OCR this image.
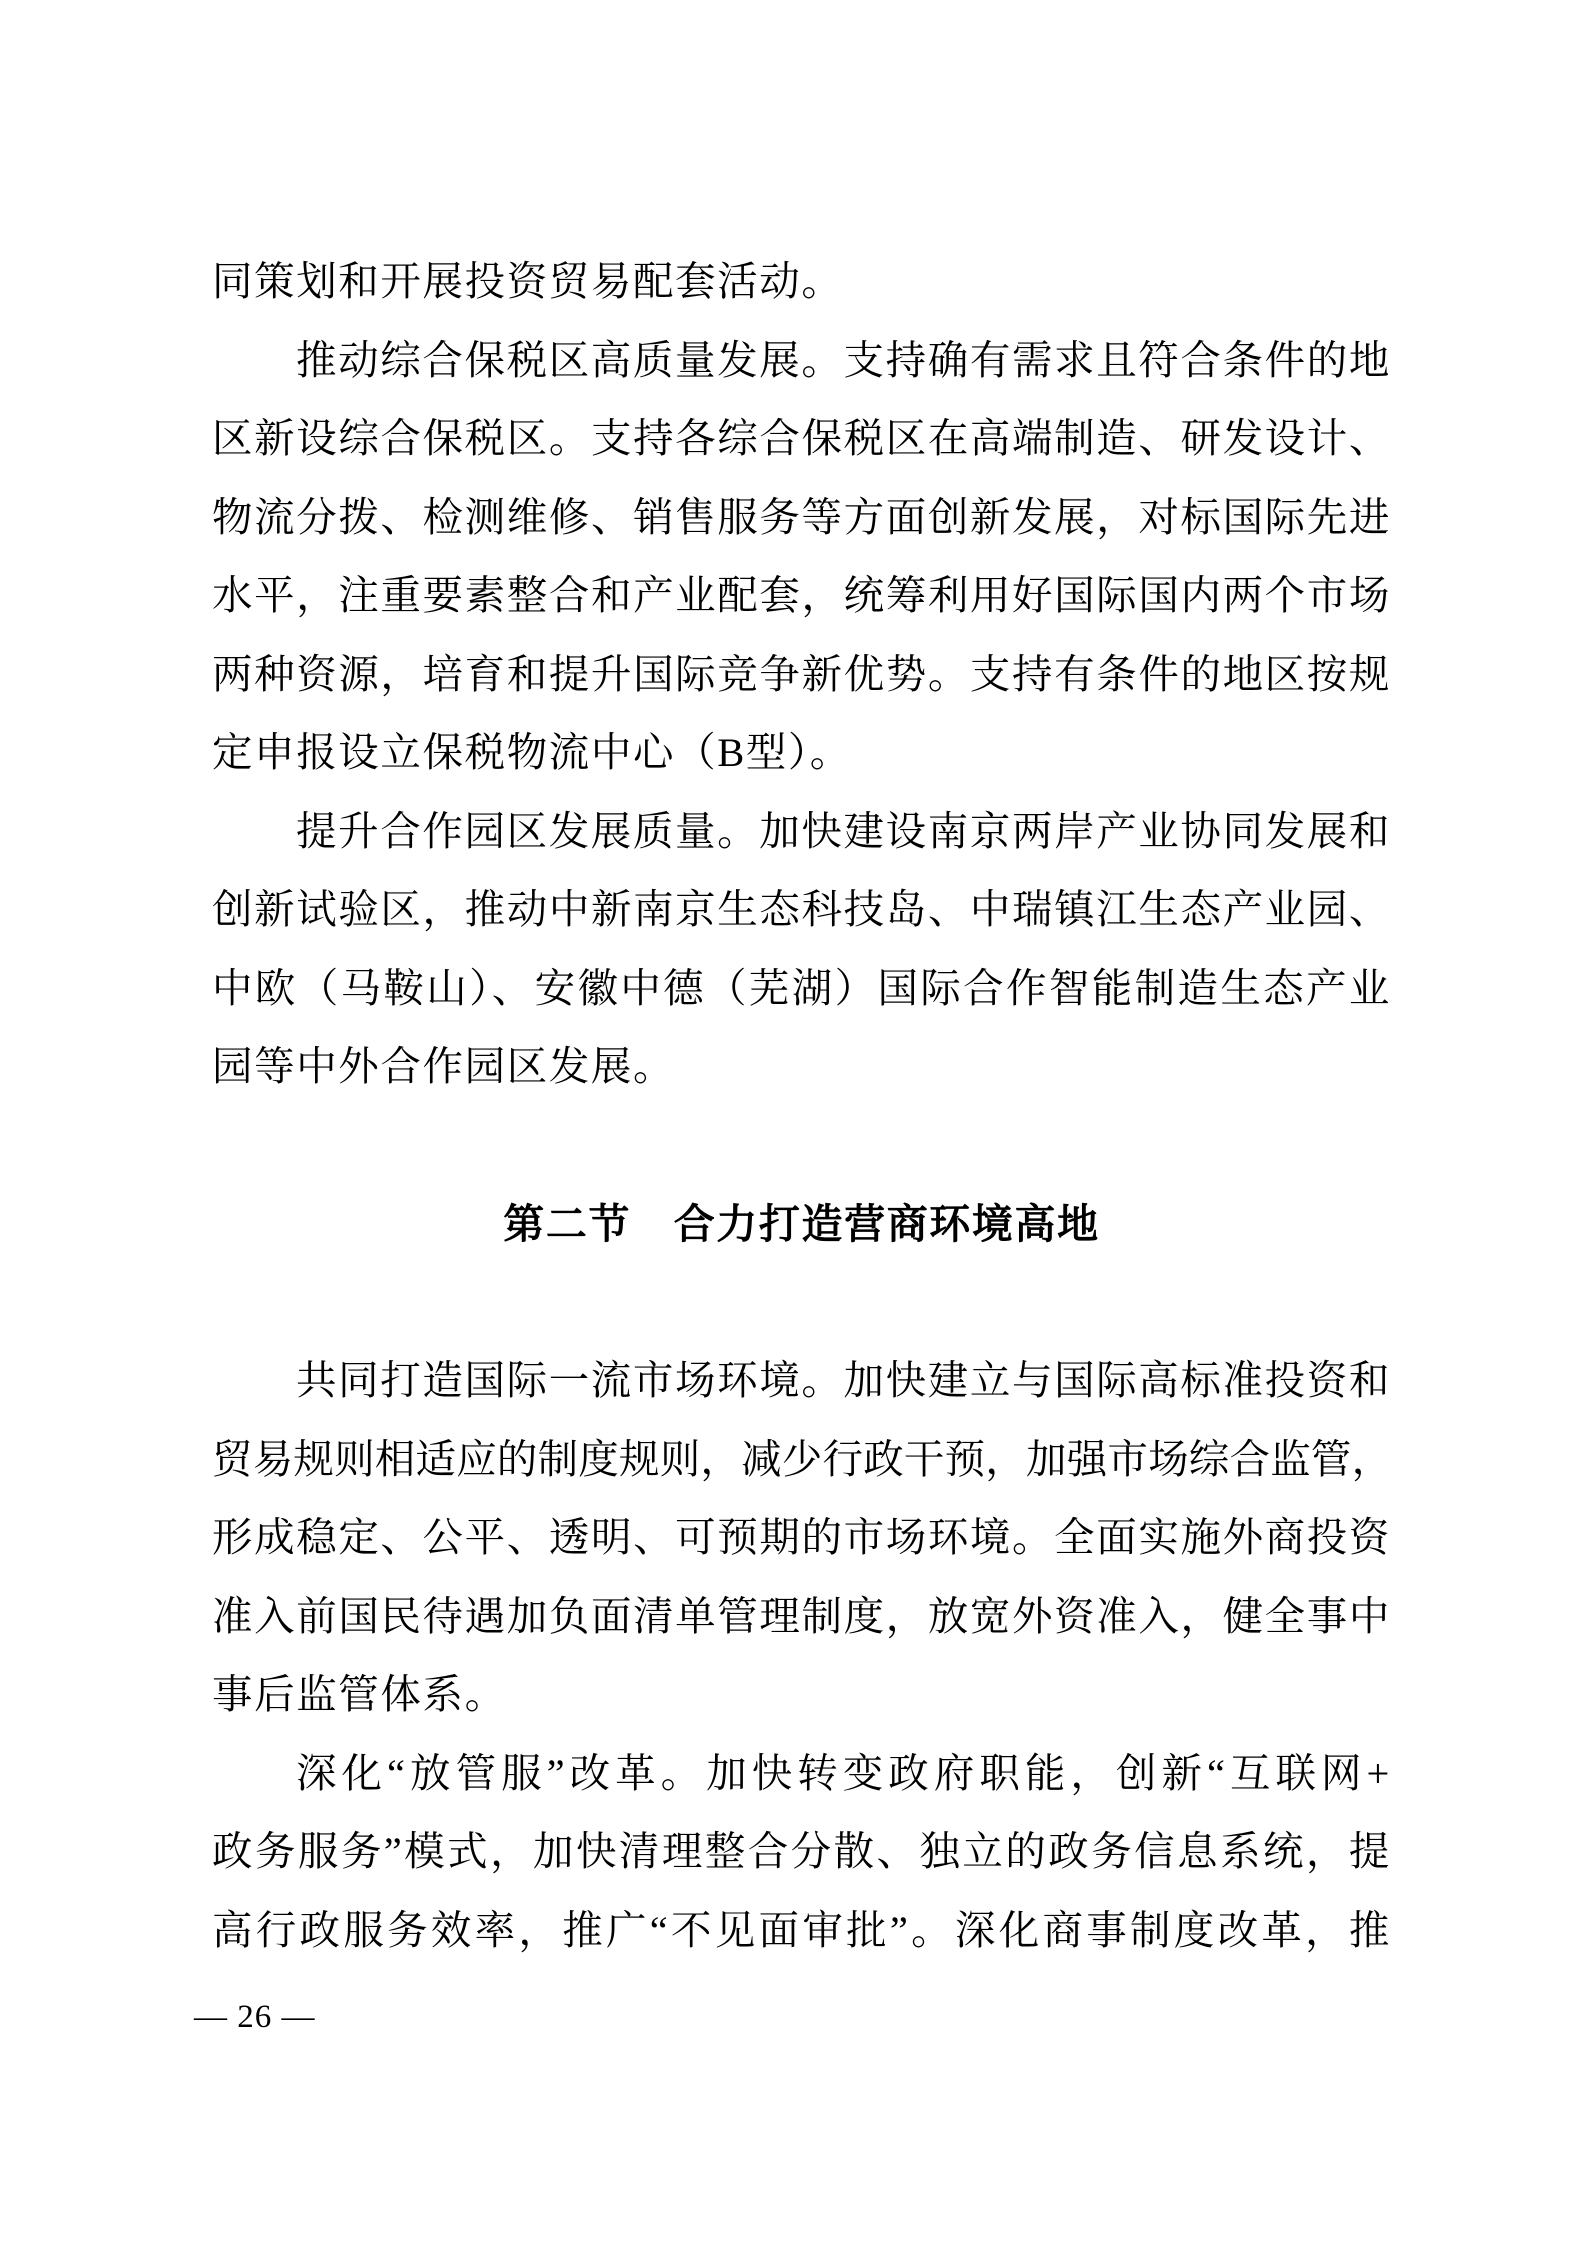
同策划和开展投资贸易配套活动。
推动综合保税区高质量发展。支持确有需求且符合条件的地
区新设综合保税区。支持各综合保税区在高端制造、研发设计、
物流分拨、检测维修、销售服务等方面创新发展，对标国际先进
水平，注重要素整合和产业配套，统筹利用好国际国内两个市场
两种资源，培育和提升国际竞争新优势。支持有条件的地区按规
定申报设立保税物流中心（B型）。
提升合作园区发展质量。加快建设南京两岸产业协同发展和
创新试验区，推动中新南京生态科技岛、中瑞镇江生态产业园、
中欧（马鞍山）、安徽中德（芜湖）国际合作智能制造生态产业
园等中外合作园区发展。
第二节　合力打造营商环境高地
共同打造国际一流市场环境。加快建立与国际高标准投资和
贸易规则相适应的制度规则，减少行政干预，加强市场综合监管，
形成稳定、公平、透明、可预期的市场环境。全面实施外商投资
准入前国民待遇加负面清单管理制度，放宽外资准入，健全事中
事后监管体系。
深化“放管服”改革。加快转变政府职能，创新“互联网+
政务服务”模式，加快清理整合分散、独立的政务信息系统，提
高行政服务效率，推广“不见面审批”。深化商事制度改革，推
— 26 —
